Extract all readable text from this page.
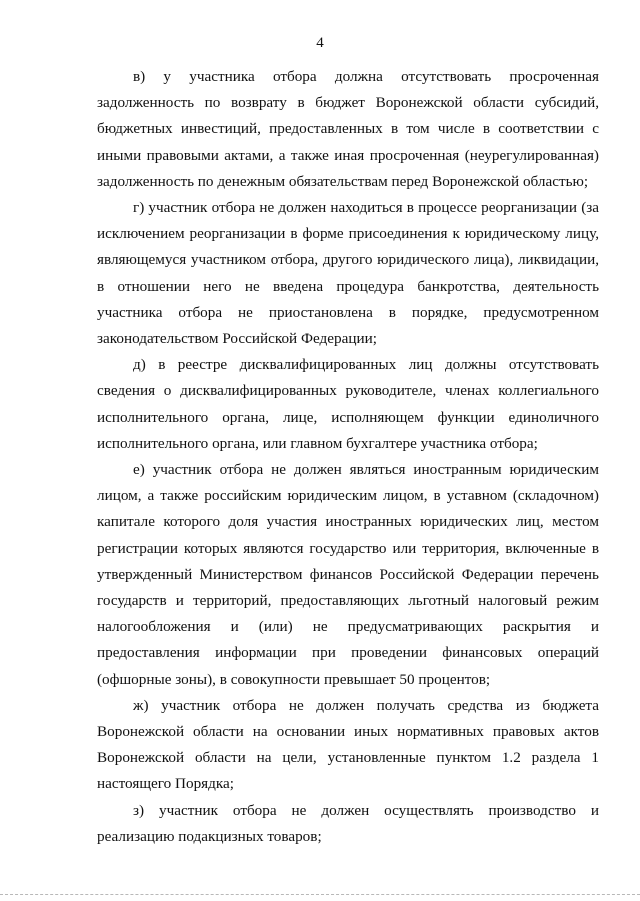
4

в) у участника отбора должна отсутствовать просроченная задолженность по возврату в бюджет Воронежской области субсидий, бюджетных инвестиций, предоставленных в том числе в соответствии с иными правовыми актами, а также иная просроченная (неурегулированная) задолженность по денежным обязательствам перед Воронежской областью;

г) участник отбора не должен находиться в процессе реорганизации (за исключением реорганизации в форме присоединения к юридическому лицу, являющемуся участником отбора, другого юридического лица), ликвидации, в отношении него не введена процедура банкротства, деятельность участника отбора не приостановлена в порядке, предусмотренном законодательством Российской Федерации;

д) в реестре дисквалифицированных лиц должны отсутствовать сведения о дисквалифицированных руководителе, членах коллегиального исполнительного органа, лице, исполняющем функции единоличного исполнительного органа, или главном бухгалтере участника отбора;

е) участник отбора не должен являться иностранным юридическим лицом, а также российским юридическим лицом, в уставном (складочном) капитале которого доля участия иностранных юридических лиц, местом регистрации которых являются государство или территория, включенные в утвержденный Министерством финансов Российской Федерации перечень государств и территорий, предоставляющих льготный налоговый режим налогообложения и (или) не предусматривающих раскрытия и предоставления информации при проведении финансовых операций (офшорные зоны), в совокупности превышает 50 процентов;

ж) участник отбора не должен получать средства из бюджета Воронежской области на основании иных нормативных правовых актов Воронежской области на цели, установленные пунктом 1.2 раздела 1 настоящего Порядка;

з) участник отбора не должен осуществлять производство и реализацию подакцизных товаров;
